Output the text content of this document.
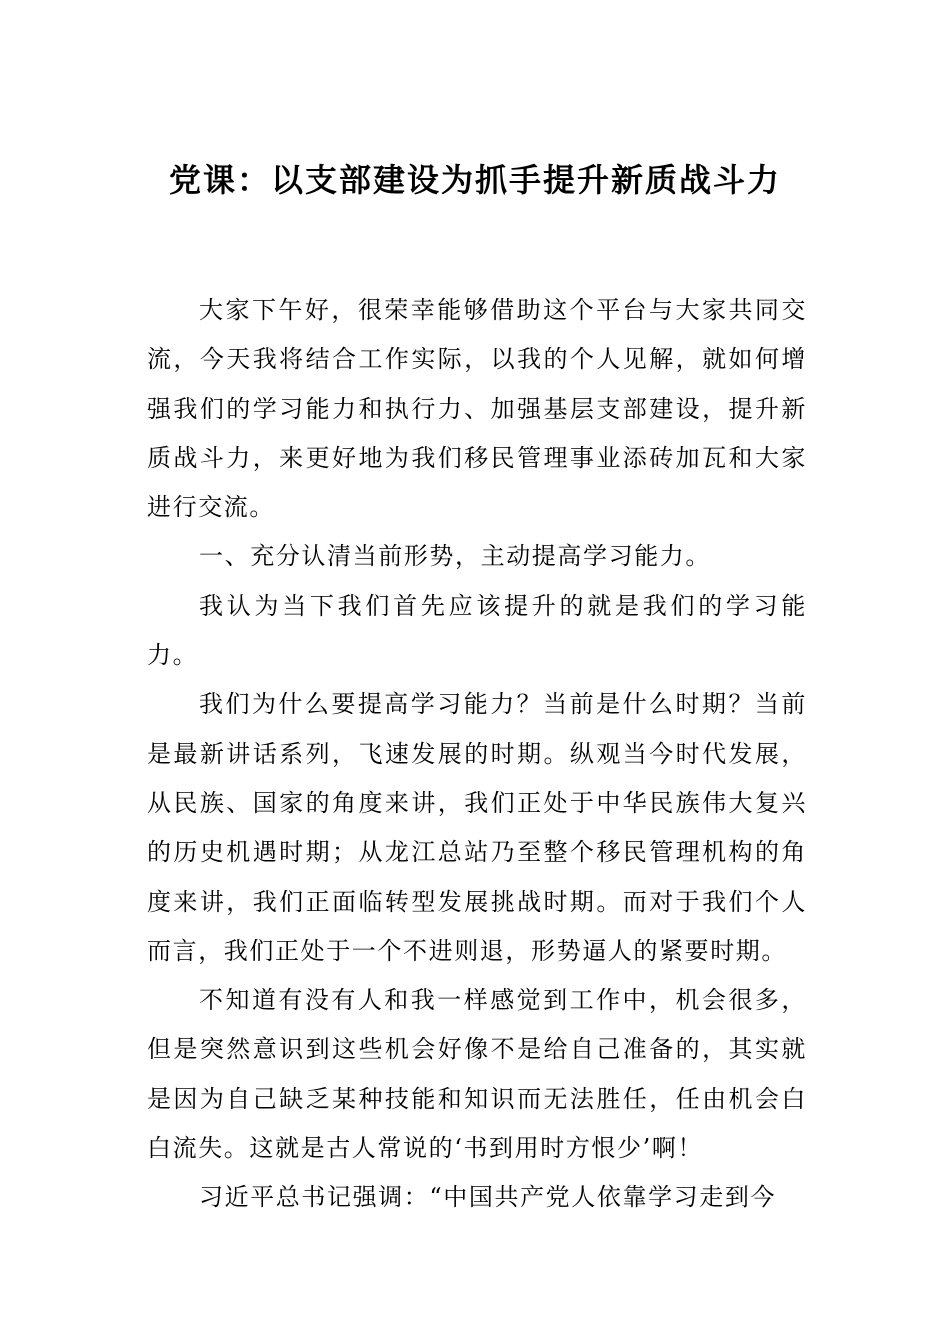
党课：以支部建设为抓手提升新质战斗力

大家下午好，很荣幸能够借助这个平台与大家共同交流，今天我将结合工作实际，以我的个人见解，就如何增强我们的学习能力和执行力、加强基层支部建设，提升新质战斗力，来更好地为我们移民管理事业添砖加瓦和大家进行交流。

一、充分认清当前形势，主动提高学习能力。

我认为当下我们首先应该提升的就是我们的学习能力。

我们为什么要提高学习能力？当前是什么时期？当前是最新讲话系列，飞速发展的时期。纵观当今时代发展，从民族、国家的角度来讲，我们正处于中华民族伟大复兴的历史机遇时期；从龙江总站乃至整个移民管理机构的角度来讲，我们正面临转型发展挑战时期。而对于我们个人而言，我们正处于一个不进则退，形势逼人的紧要时期。

不知道有没有人和我一样感觉到工作中，机会很多，但是突然意识到这些机会好像不是给自己准备的，其实就是因为自己缺乏某种技能和知识而无法胜任，任由机会白白流失。这就是古人常说的‘书到用时方恨少’啊！

习近平总书记强调：“中国共产党人依靠学习走到今
